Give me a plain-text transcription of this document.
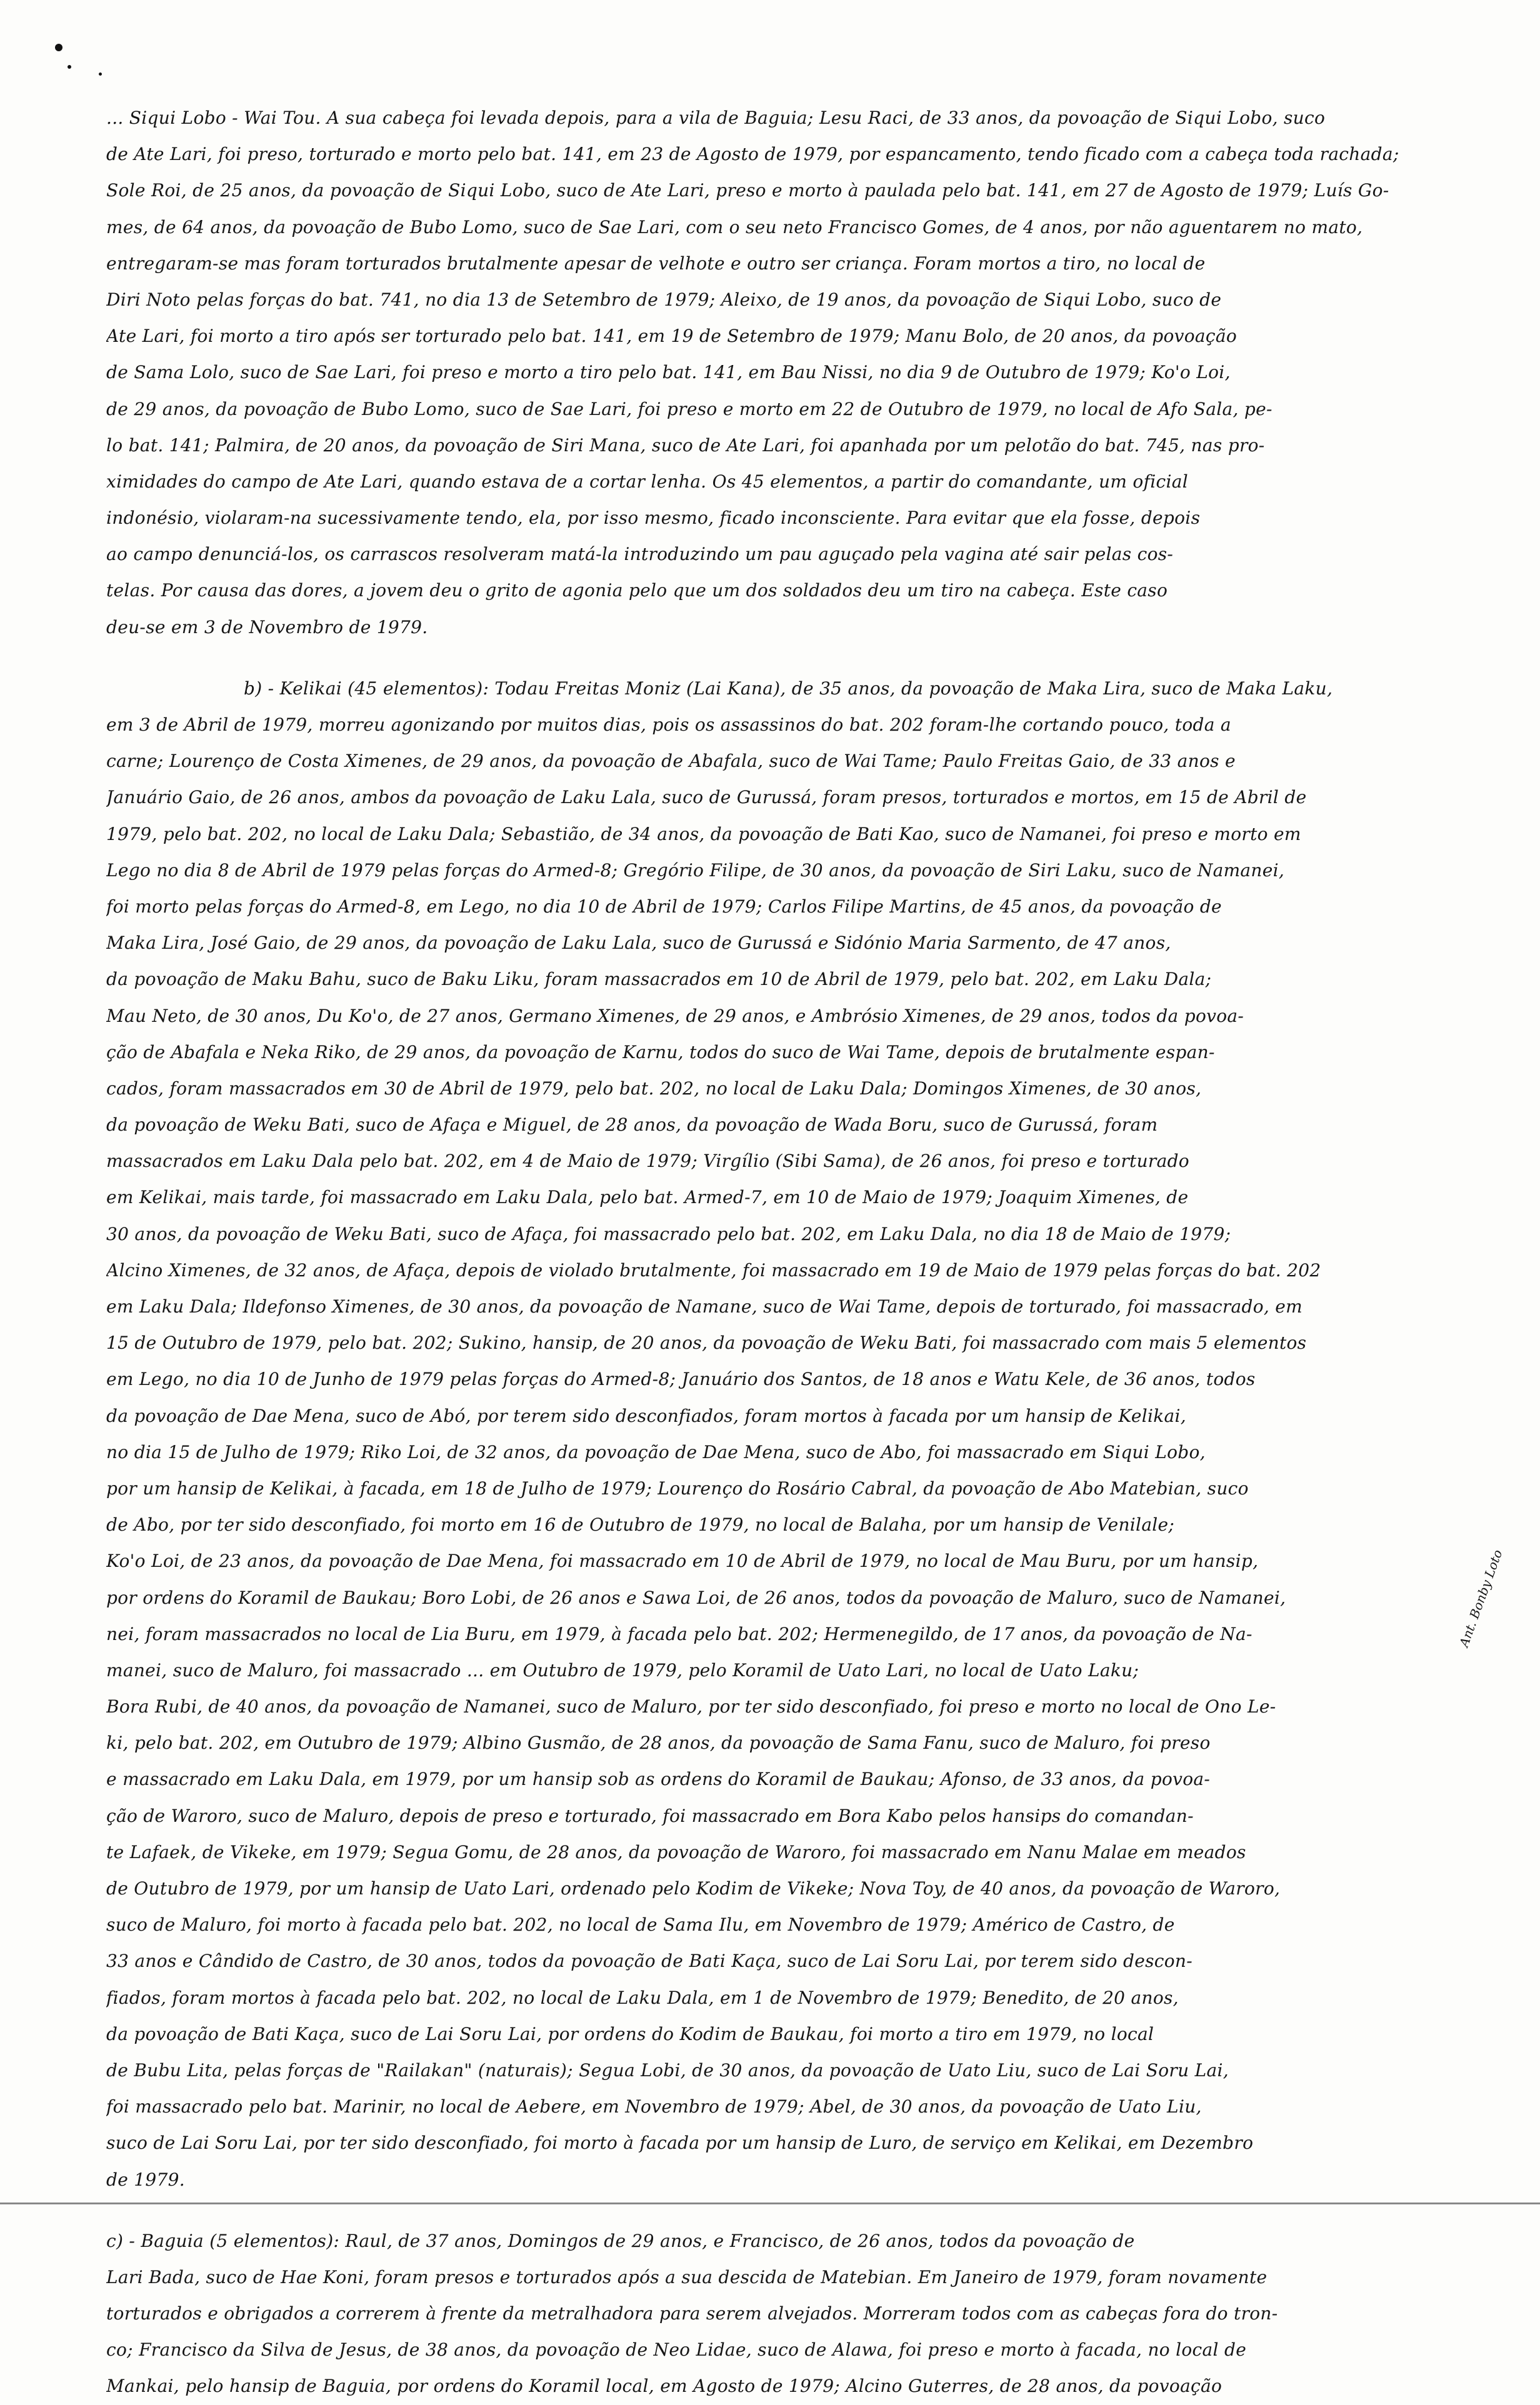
... Siqui Lobo - Wai Tou. A sua cabeça foi levada depois, para a vila de Baguia; Lesu Raci, de 33 anos, da povoação de Siqui Lobo, suco
de Ate Lari, foi preso, torturado e morto pelo bat. 141, em 23 de Agosto de 1979, por espancamento, tendo ficado com a cabeça toda rachada;
Sole Roi, de 25 anos, da povoação de Siqui Lobo, suco de Ate Lari, preso e morto à paulada pelo bat. 141, em 27 de Agosto de 1979; Luís Go-
mes, de 64 anos, da povoação de Bubo Lomo, suco de Sae Lari, com o seu neto Francisco Gomes, de 4 anos, por não aguentarem no mato,
entregaram-se mas foram torturados brutalmente apesar de velhote e outro ser criança. Foram mortos a tiro, no local de
Diri Noto pelas forças do bat. 741, no dia 13 de Setembro de 1979; Aleixo, de 19 anos, da povoação de Siqui Lobo, suco de
Ate Lari, foi morto a tiro após ser torturado pelo bat. 141, em 19 de Setembro de 1979; Manu Bolo, de 20 anos, da povoação
de Sama Lolo, suco de Sae Lari, foi preso e morto a tiro pelo bat. 141, em Bau Nissi, no dia 9 de Outubro de 1979; Ko'o Loi,
de 29 anos, da povoação de Bubo Lomo, suco de Sae Lari, foi preso e morto em 22 de Outubro de 1979, no local de Afo Sala, pe-
lo bat. 141; Palmira, de 20 anos, da povoação de Siri Mana, suco de Ate Lari, foi apanhada por um pelotão do bat. 745, nas pro-
ximidades do campo de Ate Lari, quando estava de a cortar lenha. Os 45 elementos, a partir do comandante, um oficial
indonésio, violaram-na sucessivamente tendo, ela, por isso mesmo, ficado inconsciente. Para evitar que ela fosse, depois
ao campo denunciá-los, os carrascos resolveram matá-la introduzindo um pau aguçado pela vagina até sair pelas cos-
telas. Por causa das dores, a jovem deu o grito de agonia pelo que um dos soldados deu um tiro na cabeça. Este caso
deu-se em 3 de Novembro de 1979.
b) - Kelikai (45 elementos): Todau Freitas Moniz (Lai Kana), de 35 anos, da povoação de Maka Lira, suco de Maka Laku,
em 3 de Abril de 1979, morreu agonizando por muitos dias, pois os assassinos do bat. 202 foram-lhe cortando pouco, toda a
carne; Lourenço de Costa Ximenes, de 29 anos, da povoação de Abafala, suco de Wai Tame; Paulo Freitas Gaio, de 33 anos e
Januário Gaio, de 26 anos, ambos da povoação de Laku Lala, suco de Gurussá, foram presos, torturados e mortos, em 15 de Abril de
1979, pelo bat. 202, no local de Laku Dala; Sebastião, de 34 anos, da povoação de Bati Kao, suco de Namanei, foi preso e morto em
Lego no dia 8 de Abril de 1979 pelas forças do Armed-8; Gregório Filipe, de 30 anos, da povoação de Siri Laku, suco de Namanei,
foi morto pelas forças do Armed-8, em Lego, no dia 10 de Abril de 1979; Carlos Filipe Martins, de 45 anos, da povoação de
Maka Lira, José Gaio, de 29 anos, da povoação de Laku Lala, suco de Gurussá e Sidónio Maria Sarmento, de 47 anos,
da povoação de Maku Bahu, suco de Baku Liku, foram massacrados em 10 de Abril de 1979, pelo bat. 202, em Laku Dala;
Mau Neto, de 30 anos, Du Ko'o, de 27 anos, Germano Ximenes, de 29 anos, e Ambrósio Ximenes, de 29 anos, todos da povoa-
ção de Abafala e Neka Riko, de 29 anos, da povoação de Karnu, todos do suco de Wai Tame, depois de brutalmente espan-
cados, foram massacrados em 30 de Abril de 1979, pelo bat. 202, no local de Laku Dala; Domingos Ximenes, de 30 anos,
da povoação de Weku Bati, suco de Afaça e Miguel, de 28 anos, da povoação de Wada Boru, suco de Gurussá, foram
massacrados em Laku Dala pelo bat. 202, em 4 de Maio de 1979; Virgílio (Sibi Sama), de 26 anos, foi preso e torturado
em Kelikai, mais tarde, foi massacrado em Laku Dala, pelo bat. Armed-7, em 10 de Maio de 1979; Joaquim Ximenes, de
30 anos, da povoação de Weku Bati, suco de Afaça, foi massacrado pelo bat. 202, em Laku Dala, no dia 18 de Maio de 1979;
Alcino Ximenes, de 32 anos, de Afaça, depois de violado brutalmente, foi massacrado em 19 de Maio de 1979 pelas forças do bat. 202
em Laku Dala; Ildefonso Ximenes, de 30 anos, da povoação de Namane, suco de Wai Tame, depois de torturado, foi massacrado, em
15 de Outubro de 1979, pelo bat. 202; Sukino, hansip, de 20 anos, da povoação de Weku Bati, foi massacrado com mais 5 elementos
em Lego, no dia 10 de Junho de 1979 pelas forças do Armed-8; Januário dos Santos, de 18 anos e Watu Kele, de 36 anos, todos
da povoação de Dae Mena, suco de Abó, por terem sido desconfiados, foram mortos à facada por um hansip de Kelikai,
no dia 15 de Julho de 1979; Riko Loi, de 32 anos, da povoação de Dae Mena, suco de Abo, foi massacrado em Siqui Lobo,
por um hansip de Kelikai, à facada, em 18 de Julho de 1979; Lourenço do Rosário Cabral, da povoação de Abo Matebian, suco
de Abo, por ter sido desconfiado, foi morto em 16 de Outubro de 1979, no local de Balaha, por um hansip de Venilale;
Ko'o Loi, de 23 anos, da povoação de Dae Mena, foi massacrado em 10 de Abril de 1979, no local de Mau Buru, por um hansip,
por ordens do Koramil de Baukau; Boro Lobi, de 26 anos e Sawa Loi, de 26 anos, todos da povoação de Maluro, suco de Namanei,
nei, foram massacrados no local de Lia Buru, em 1979, à facada pelo bat. 202; Hermenegildo, de 17 anos, da povoação de Na-
manei, suco de Maluro, foi massacrado ... em Outubro de 1979, pelo Koramil de Uato Lari, no local de Uato Laku;
Bora Rubi, de 40 anos, da povoação de Namanei, suco de Maluro, por ter sido desconfiado, foi preso e morto no local de Ono Le-
ki, pelo bat. 202, em Outubro de 1979; Albino Gusmão, de 28 anos, da povoação de Sama Fanu, suco de Maluro, foi preso
e massacrado em Laku Dala, em 1979, por um hansip sob as ordens do Koramil de Baukau; Afonso, de 33 anos, da povoa-
ção de Waroro, suco de Maluro, depois de preso e torturado, foi massacrado em Bora Kabo pelos hansips do comandan-
te Lafaek, de Vikeke, em 1979; Segua Gomu, de 28 anos, da povoação de Waroro, foi massacrado em Nanu Malae em meados
de Outubro de 1979, por um hansip de Uato Lari, ordenado pelo Kodim de Vikeke; Nova Toy, de 40 anos, da povoação de Waroro,
suco de Maluro, foi morto à facada pelo bat. 202, no local de Sama Ilu, em Novembro de 1979; Américo de Castro, de
33 anos e Cândido de Castro, de 30 anos, todos da povoação de Bati Kaça, suco de Lai Soru Lai, por terem sido descon-
fiados, foram mortos à facada pelo bat. 202, no local de Laku Dala, em 1 de Novembro de 1979; Benedito, de 20 anos,
da povoação de Bati Kaça, suco de Lai Soru Lai, por ordens do Kodim de Baukau, foi morto a tiro em 1979, no local
de Bubu Lita, pelas forças de "Railakan" (naturais); Segua Lobi, de 30 anos, da povoação de Uato Liu, suco de Lai Soru Lai,
foi massacrado pelo bat. Marinir, no local de Aebere, em Novembro de 1979; Abel, de 30 anos, da povoação de Uato Liu,
suco de Lai Soru Lai, por ter sido desconfiado, foi morto à facada por um hansip de Luro, de serviço em Kelikai, em Dezembro
de 1979.
c) - Baguia (5 elementos): Raul, de 37 anos, Domingos de 29 anos, e Francisco, de 26 anos, todos da povoação de
Lari Bada, suco de Hae Koni, foram presos e torturados após a sua descida de Matebian. Em Janeiro de 1979, foram novamente
torturados e obrigados a correrem à frente da metralhadora para serem alvejados. Morreram todos com as cabeças fora do tron-
co; Francisco da Silva de Jesus, de 38 anos, da povoação de Neo Lidae, suco de Alawa, foi preso e morto à facada, no local de
Mankai, pelo hansip de Baguia, por ordens do Koramil local, em Agosto de 1979; Alcino Guterres, de 28 anos, da povoação
Ant. Bonby Loto
